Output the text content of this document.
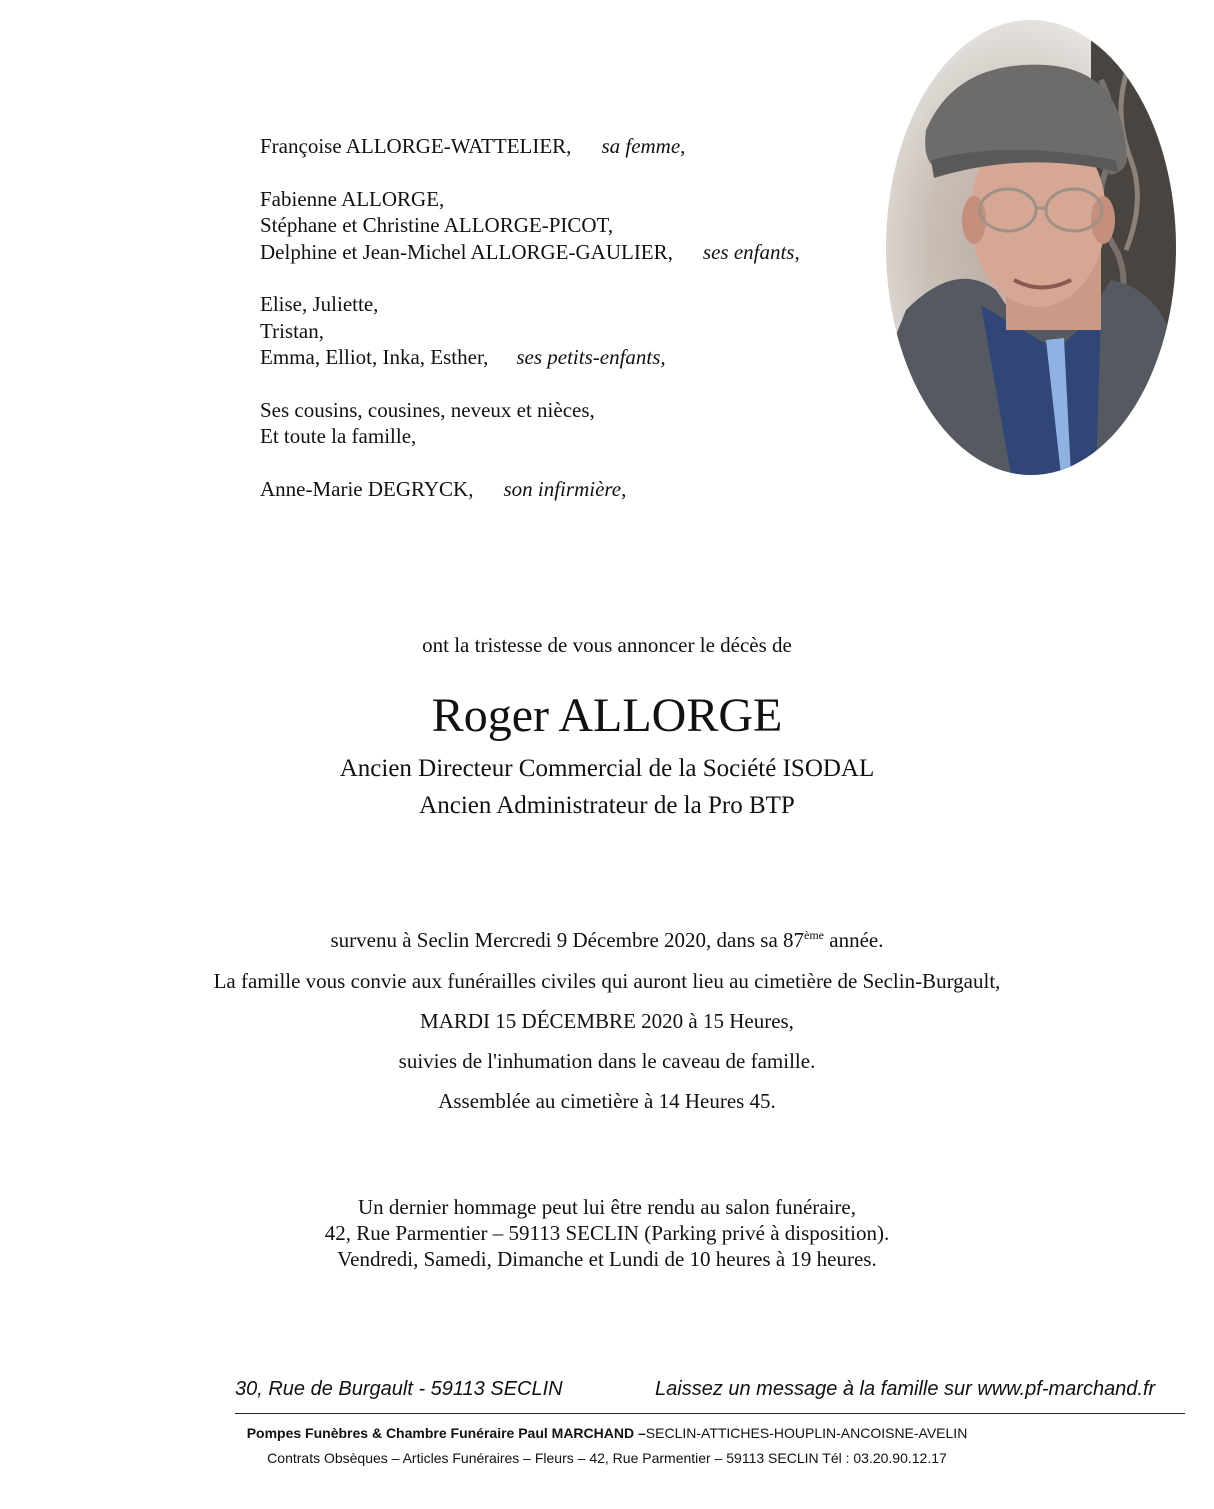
Françoise ALLORGE-WATTELIER, sa femme,
Fabienne ALLORGE,
Stéphane et Christine ALLORGE-PICOT,
Delphine et Jean-Michel ALLORGE-GAULIER, ses enfants,
Elise, Juliette,
Tristan,
Emma, Elliot, Inka, Esther, ses petits-enfants,
Ses cousins, cousines, neveux et nièces,
Et toute la famille,
Anne-Marie DEGRYCK, son infirmière,
ont la tristesse de vous annoncer le décès de
Roger ALLORGE
Ancien Directeur Commercial de la Société ISODAL
Ancien Administrateur de la Pro BTP
survenu à Seclin Mercredi 9 Décembre 2020, dans sa 87ème année.
La famille vous convie aux funérailles civiles qui auront lieu au cimetière de Seclin-Burgault,
MARDI 15 DÉCEMBRE 2020 à 15 Heures,
suivies de l'inhumation dans le caveau de famille.
Assemblée au cimetière à 14 Heures 45.
Un dernier hommage peut lui être rendu au salon funéraire,
42, Rue Parmentier – 59113 SECLIN (Parking privé à disposition).
Vendredi, Samedi, Dimanche et Lundi de 10 heures à 19 heures.
30, Rue de Burgault - 59113 SECLIN	Laissez un message à la famille sur www.pf-marchand.fr
Pompes Funèbres & Chambre Funéraire Paul MARCHAND –SECLIN-ATTICHES-HOUPLIN-ANCOISNE-AVELIN
Contrats Obsèques – Articles Funéraires – Fleurs – 42, Rue Parmentier – 59113 SECLIN Tél : 03.20.90.12.17
